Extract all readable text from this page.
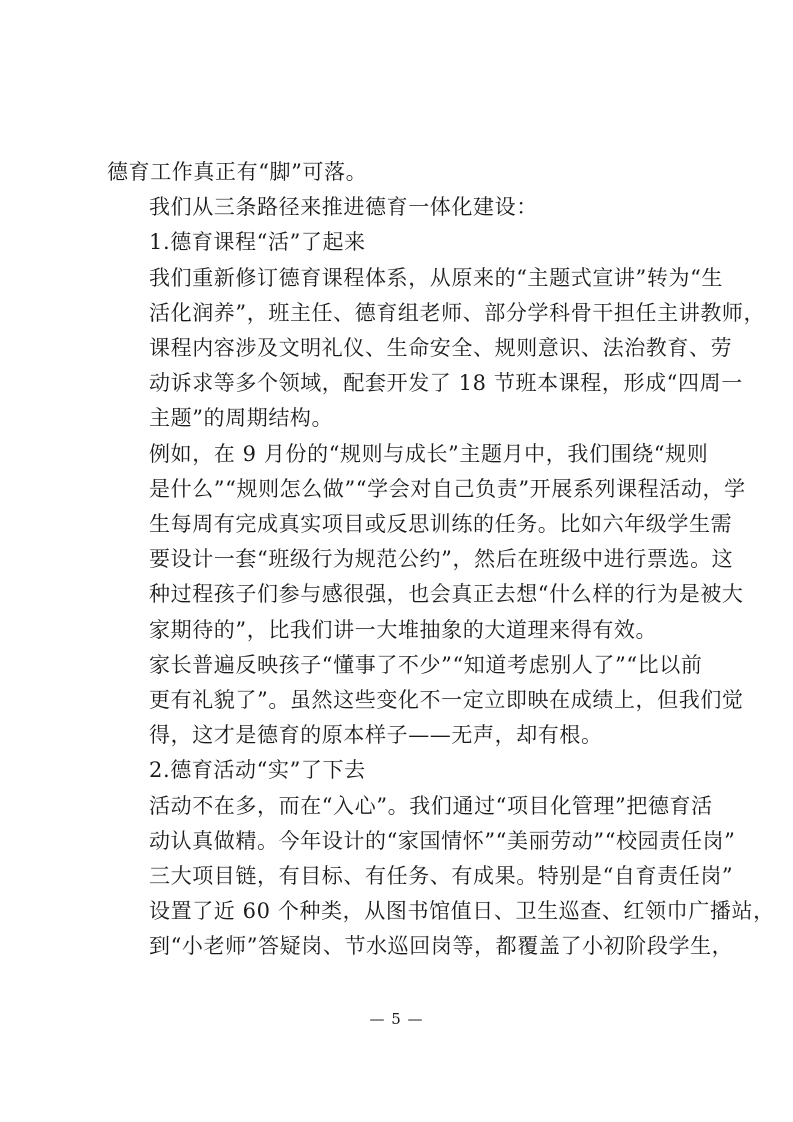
德育工作真正有“脚”可落。

我们从三条路径来推进德育一体化建设：

1.德育课程“活”了起来

我们重新修订德育课程体系，从原来的“主题式宣讲”转为“生
活化润养”，班主任、德育组老师、部分学科骨干担任主讲教师，
课程内容涉及文明礼仪、生命安全、规则意识、法治教育、劳
动诉求等多个领域，配套开发了 18 节班本课程，形成“四周一
主题”的周期结构。

例如，在 9 月份的“规则与成长”主题月中，我们围绕“规则
是什么”“规则怎么做”“学会对自己负责”开展系列课程活动，学
生每周有完成真实项目或反思训练的任务。比如六年级学生需
要设计一套“班级行为规范公约”，然后在班级中进行票选。这
种过程孩子们参与感很强，也会真正去想“什么样的行为是被大
家期待的”，比我们讲一大堆抽象的大道理来得有效。

家长普遍反映孩子“懂事了不少”“知道考虑别人了”“比以前
更有礼貌了”。虽然这些变化不一定立即映在成绩上，但我们觉
得，这才是德育的原本样子——无声，却有根。

2.德育活动“实”了下去

活动不在多，而在“入心”。我们通过“项目化管理”把德育活
动认真做精。今年设计的“家国情怀”“美丽劳动”“校园责任岗”
三大项目链，有目标、有任务、有成果。特别是“自育责任岗”
设置了近 60 个种类，从图书馆值日、卫生巡查、红领巾广播站，
到“小老师”答疑岗、节水巡回岗等，都覆盖了小初阶段学生，

— 5 —
